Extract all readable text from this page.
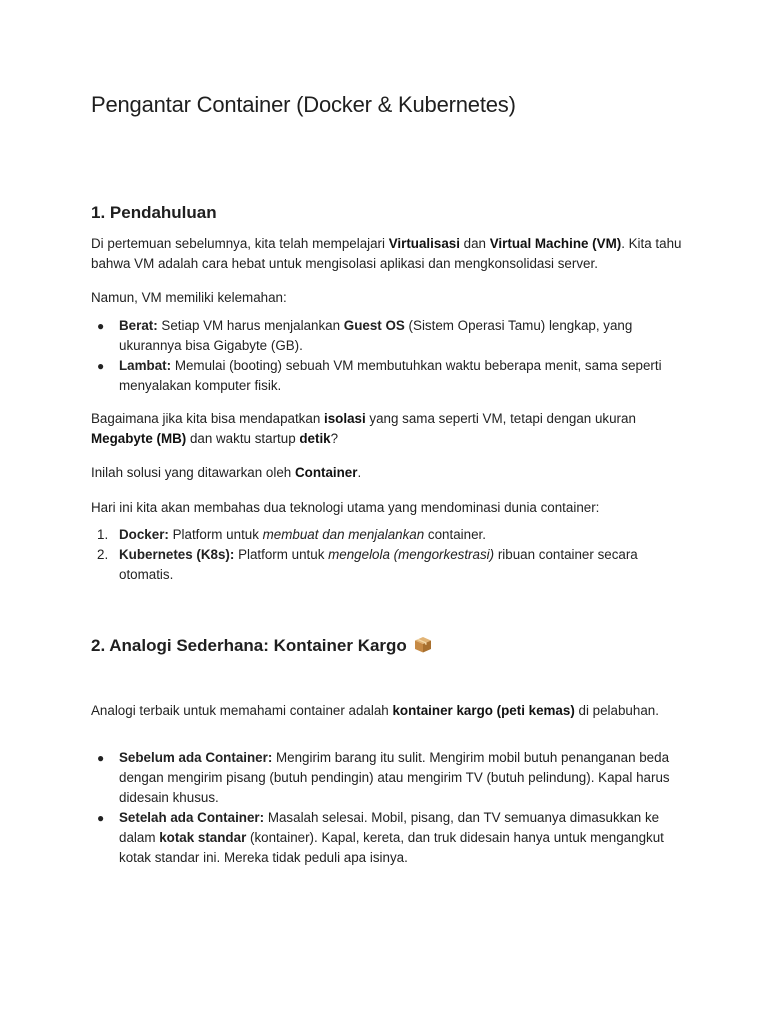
Pengantar Container (Docker & Kubernetes)
1. Pendahuluan

Di pertemuan sebelumnya, kita telah mempelajari Virtualisasi dan Virtual Machine (VM). Kita tahu bahwa VM adalah cara hebat untuk mengisolasi aplikasi dan mengkonsolidasi server.

Namun, VM memiliki kelemahan:

● Berat: Setiap VM harus menjalankan Guest OS (Sistem Operasi Tamu) lengkap, yang ukurannya bisa Gigabyte (GB).
● Lambat: Memulai (booting) sebuah VM membutuhkan waktu beberapa menit, sama seperti menyalakan komputer fisik.

Bagaimana jika kita bisa mendapatkan isolasi yang sama seperti VM, tetapi dengan ukuran Megabyte (MB) dan waktu startup detik?

Inilah solusi yang ditawarkan oleh Container.

Hari ini kita akan membahas dua teknologi utama yang mendominasi dunia container:

1. Docker: Platform untuk membuat dan menjalankan container.
2. Kubernetes (K8s): Platform untuk mengelola (mengorkestrasi) ribuan container secara otomatis.
2. Analogi Sederhana: Kontainer Kargo

Analogi terbaik untuk memahami container adalah kontainer kargo (peti kemas) di pelabuhan.

● Sebelum ada Container: Mengirim barang itu sulit. Mengirim mobil butuh penanganan beda dengan mengirim pisang (butuh pendingin) atau mengirim TV (butuh pelindung). Kapal harus didesain khusus.
● Setelah ada Container: Masalah selesai. Mobil, pisang, dan TV semuanya dimasukkan ke dalam kotak standar (kontainer). Kapal, kereta, dan truk didesain hanya untuk mengangkut kotak standar ini. Mereka tidak peduli apa isinya.
